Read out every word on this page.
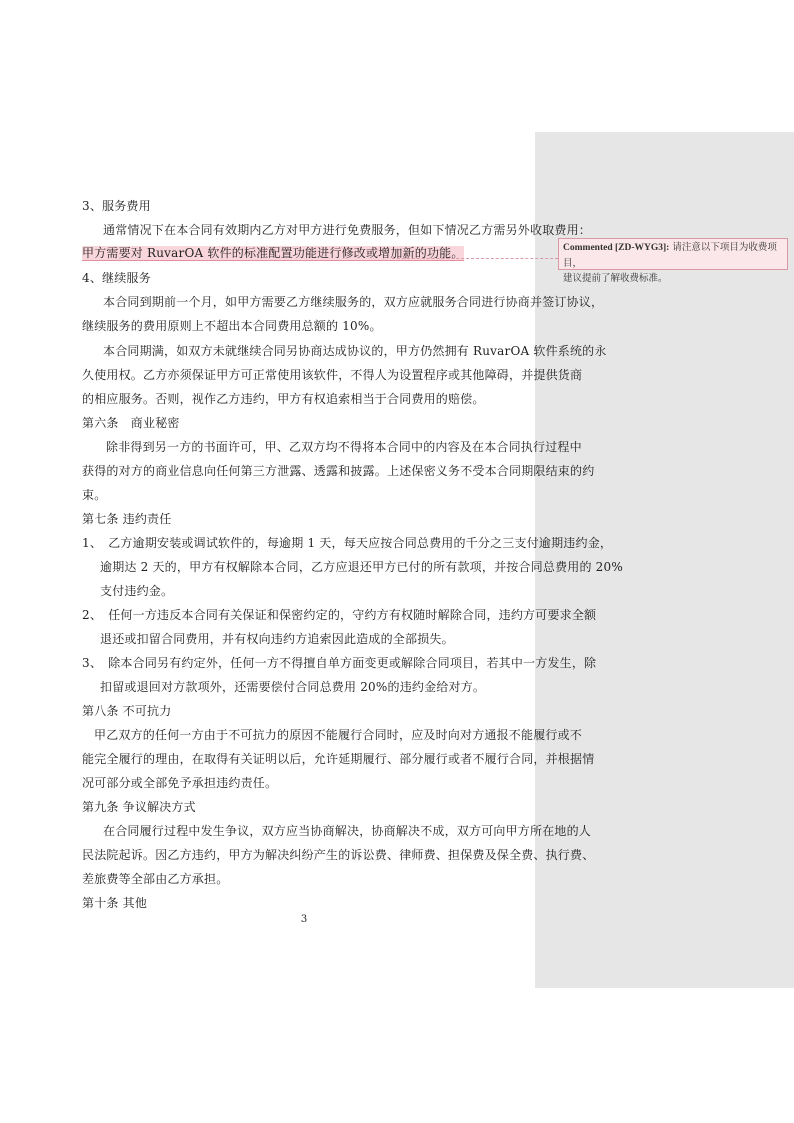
3、服务费用
通常情况下在本合同有效期内乙方对甲方进行免费服务，但如下情况乙方需另外收取费用：
4、继续服务
本合同到期前一个月，如甲方需要乙方继续服务的，双方应就服务合同进行协商并签订协议，
继续服务的费用原则上不超出本合同费用总额的 10%。
本合同期满，如双方未就继续合同另协商达成协议的，甲方仍然拥有 RuvarOA 软件系统的永
久使用权。乙方亦须保证甲方可正常使用该软件，不得人为设置程序或其他障碍，并提供货商
的相应服务。否则，视作乙方违约，甲方有权追索相当于合同费用的赔偿。
第六条　商业秘密
除非得到另一方的书面许可，甲、乙双方均不得将本合同中的内容及在本合同执行过程中
获得的对方的商业信息向任何第三方泄露、透露和披露。上述保密义务不受本合同期限结束的约
束。
第七条 违约责任
1、　乙方逾期安装或调试软件的，每逾期 1 天，每天应按合同总费用的千分之三支付逾期违约金，
逾期达 2 天的，甲方有权解除本合同，乙方应退还甲方已付的所有款项，并按合同总费用的 20%
支付违约金。
2、　任何一方违反本合同有关保证和保密约定的，守约方有权随时解除合同，违约方可要求全额
退还或扣留合同费用，并有权向违约方追索因此造成的全部损失。
3、　除本合同另有约定外，任何一方不得擅自单方面变更或解除合同项目，若其中一方发生，除
扣留或退回对方款项外，还需要偿付合同总费用 20%的违约金给对方。
第八条 不可抗力
甲乙双方的任何一方由于不可抗力的原因不能履行合同时，应及时向对方通报不能履行或不
能完全履行的理由，在取得有关证明以后，允许延期履行、部分履行或者不履行合同，并根据情
况可部分或全部免予承担违约责任。
第九条 争议解决方式
在合同履行过程中发生争议，双方应当协商解决，协商解决不成，双方可向甲方所在地的人
民法院起诉。因乙方违约，甲方为解决纠纷产生的诉讼费、律师费、担保费及保全费、执行费、
差旅费等全部由乙方承担。
第十条 其他
甲方需要对 RuvarOA 软件的标准配置功能进行修改或增加新的功能。	Commented [ZD-WYG3]: 请注意以下项目为收费项目，
建议提前了解收费标准。
3
